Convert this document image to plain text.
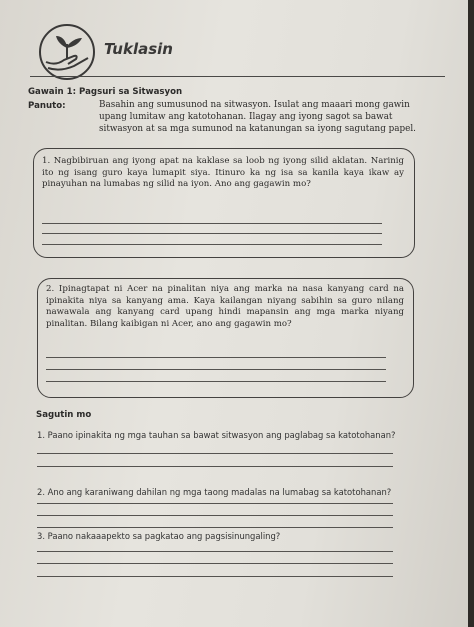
Tuklasin
Gawain 1: Pagsuri sa Sitwasyon
Panuto:	Basahin ang sumusunod na sitwasyon. Isulat ang maaari mong gawin upang lumitaw ang katotohanan. Ilagay ang iyong sagot sa bawat sitwasyon at sa mga sumunod na katanungan sa iyong sagutang papel.
1. Nagbibiruan ang iyong apat na kaklase sa loob ng iyong silid aklatan. Narinig ito ng isang guro kaya lumapit siya. Itinuro ka ng isa sa kanila kaya ikaw ay pinayuhan na lumabas ng silid na iyon. Ano ang gagawin mo?
2. Ipinagtapat ni Acer na pinalitan niya ang marka na nasa kanyang card na ipinakita niya sa kanyang ama. Kaya kailangan niyang sabihin sa guro nilang nawawala ang kanyang card upang hindi mapansin ang mga marka niyang pinalitan. Bilang kaibigan ni Acer, ano ang gagawin mo?
Sagutin mo
1. Paano ipinakita ng mga tauhan sa bawat sitwasyon ang paglabag sa katotohanan?
2. Ano ang karaniwang dahilan ng mga taong madalas na lumabag sa katotohanan?
3. Paano nakaaapekto sa pagkatao ang pagsisinungaling?
